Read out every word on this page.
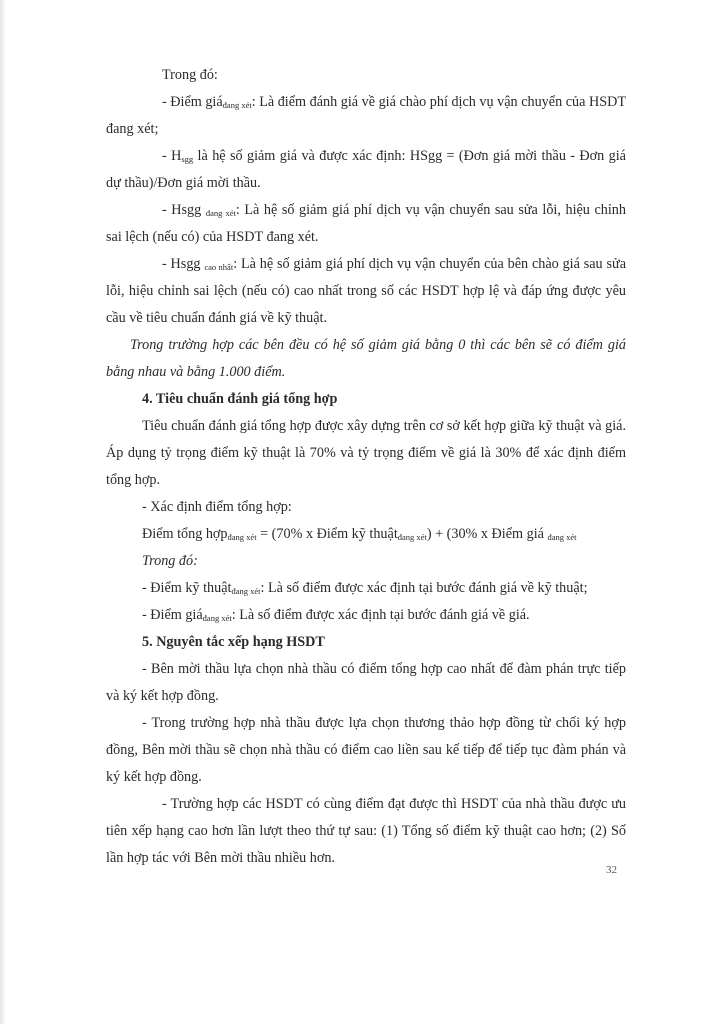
Trong đó:

- Điểm giá$_{đang xét}$: Là điểm đánh giá về giá chào phí dịch vụ vận chuyển của HSDT đang xét;

- $H_{sgg}$ là hệ số giảm giá và được xác định: HSgg = (Đơn giá mời thầu - Đơn giá dự thầu)/Đơn giá mời thầu.

- Hsgg $_{đang xét}$: Là hệ số giảm giá phí dịch vụ vận chuyển sau sửa lỗi, hiệu chỉnh sai lệch (nếu có) của HSDT đang xét.

- Hsgg $_{cao nhất}$: Là hệ số giảm giá phí dịch vụ vận chuyển của bên chào giá sau sửa lỗi, hiệu chỉnh sai lệch (nếu có) cao nhất trong số các HSDT hợp lệ và đáp ứng được yêu cầu về tiêu chuẩn đánh giá về kỹ thuật.

Trong trường hợp các bên đều có hệ số giảm giá bằng 0 thì các bên sẽ có điểm giá bằng nhau và bằng 1.000 điểm.

4. Tiêu chuẩn đánh giá tổng hợp

Tiêu chuẩn đánh giá tổng hợp được xây dựng trên cơ sở kết hợp giữa kỹ thuật và giá. Áp dụng tỷ trọng điểm kỹ thuật là 70% và tỷ trọng điểm về giá là 30% để xác định điểm tổng hợp.

- Xác định điểm tổng hợp:

Điểm tổng hợp$_{đang xét}$ = (70% x Điểm kỹ thuật$_{đang xét}$) + (30% x Điểm giá $_{đang xét}$

Trong đó:

- Điểm kỹ thuật$_{đang xét}$: Là số điểm được xác định tại bước đánh giá về kỹ thuật;

- Điểm giá$_{đang xét}$: Là số điểm được xác định tại bước đánh giá về giá.

5. Nguyên tắc xếp hạng HSDT

- Bên mời thầu lựa chọn nhà thầu có điểm tổng hợp cao nhất để đàm phán trực tiếp và ký kết hợp đồng.

- Trong trường hợp nhà thầu được lựa chọn thương thảo hợp đồng từ chối ký hợp đồng, Bên mời thầu sẽ chọn nhà thầu có điểm cao liền sau kế tiếp để tiếp tục đàm phán và ký kết hợp đồng.

- Trường hợp các HSDT có cùng điểm đạt được thì HSDT của nhà thầu được ưu tiên xếp hạng cao hơn lần lượt theo thứ tự sau: (1) Tổng số điểm kỹ thuật cao hơn; (2) Số lần hợp tác với Bên mời thầu nhiều hơn.

32
